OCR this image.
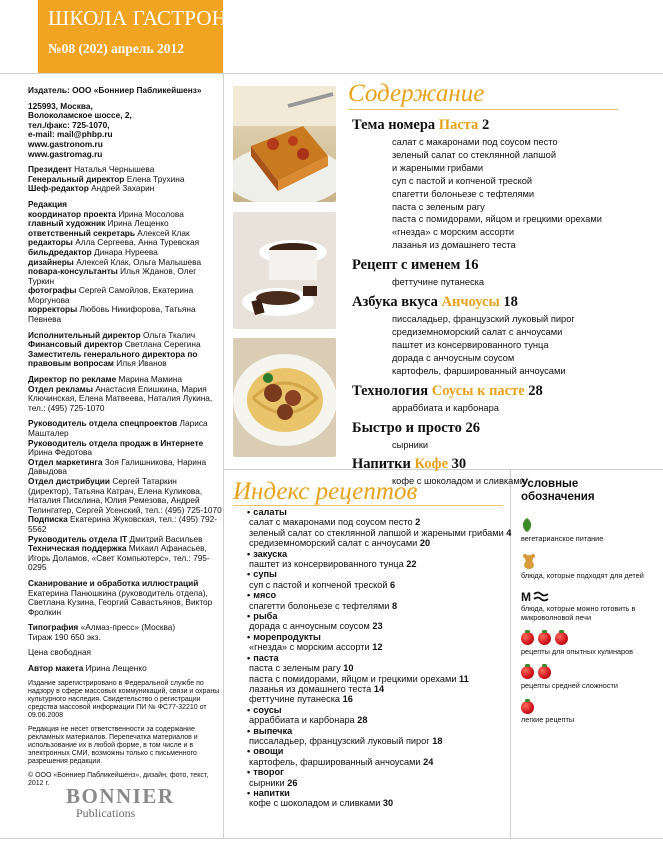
ШКОЛА ГАСТРОНОМА
№08 (202) апрель 2012
Издатель: ООО «Бонниер Пабликейшенз»
125993, Москва,
Волоколамское шоссе, 2,
тел./факс: 725-1070,
e-mail: mail@phbp.ru
www.gastronom.ru
www.gastromag.ru
Президент Наталья Чернышева
Генеральный директор Елена Трухина
Шеф-редактор Андрей Захарин
Редакция
координатор проекта Ирина Мосолова
главный художник Ирина Лещенко
ответственный секретарь Алексей Клак
редакторы Алла Сергеева, Анна Туревская
бильдредактор Динара Нуреева
дизайнеры Алексей Клак, Ольга Малышева
повара-консультанты Илья Жданов, Олег Туркин
фотографы Сергей Самойлов, Екатерина Моргунова
корректоры Любовь Никифорова, Татьяна Певнева
Исполнительный директор Ольга Ткалич
Финансовый директор Светлана Серегина
Заместитель генерального директора по правовым вопросам Илья Иванов
Директор по рекламе Марина Мамина
Отдел рекламы Анастасия Епишкина, Мария Ключинская, Елена Матвеева, Наталия Лукина, тел.: (495) 725-1070
Руководитель отдела спецпроектов Лариса Машталер
Руководитель отдела продаж в Интернете Ирина Федотова
Отдел маркетинга Зоя Галишникова, Нарина Давыдова
Отдел дистрибуции Сергей Татаркин (директор), Татьяна Катрач, Елена Куликова, Наталия Писклина, Юлия Ремезова, Андрей Телингатер, Сергей Усенский, тел.: (495) 725-1070
Подписка Екатерина Жуковская, тел.: (495) 792-5562
Руководитель отдела IT Дмитрий Васильев
Техническая поддержка Михаил Афанасьев, Игорь Доламов, «Свет Компьютерс», тел.: 795-0295
Сканирование и обработка иллюстраций
Екатерина Панюшкина (руководитель отдела), Светлана Кузина, Георгий Савастьянов, Виктор Фролкин
Типография «Алмаз-пресс» (Москва)
Тираж 190 650 экз.
Цена свободная
Автор макета Ирина Лещенко
Издание зарегистрировано в Федеральной службе по надзору в сфере массовых коммуникаций, связи и охраны культурного наследия. Свидетельство о регистрации средства массовой информации ПИ № ФС77-32210 от 09.06.2008
Редакция не несет ответственности за содержание рекламных материалов. Перепечатка материалов и использование их в любой форме, в том числе и в электронных СМИ, возможны только с письменного разрешения редакции.
© ООО «Бонниер Пабликейшенз», дизайн, фото, текст, 2012 г.
BONNIER
Publications
Содержание
Тема номера Паста 2
салат с макаронами под соусом песто
зеленый салат со стеклянной лапшой
и жареными грибами
суп с пастой и копченой треской
спагетти болоньезе с тефтелями
паста с зеленым рагу
паста с помидорами, яйцом и грецкими орехами
«гнезда» с морским ассорти
лазанья из домашнего теста
Рецепт с именем 16
феттучине путанеска
Азбука вкуса Анчоусы 18
писсаладьер, французский луковый пирог
средиземноморский салат с анчоусами
паштет из консервированного тунца
дорада с анчоусным соусом
картофель, фаршированный анчоусами
Технология Соусы к пасте 28
арраббиата и карбонара
Быстро и просто 26
сырники
Напитки Кофе 30
кофе с шоколадом и сливками
Индекс рецептов
• салаты
салат с макаронами под соусом песто 2
зеленый салат со стеклянной лапшой и жареными грибами 4
средиземноморский салат с анчоусами 20
• закуска
паштет из консервированного тунца 22
• супы
суп с пастой и копченой треской 6
• мясо
спагетти болоньезе с тефтелями 8
• рыба
дорада с анчоусным соусом 23
• морепродукты
«гнезда» с морским ассорти 12
• паста
паста с зеленым рагу 10
паста с помидорами, яйцом и грецкими орехами 11
лазанья из домашнего теста 14
феттучине путанеска 16
• соусы
арраббиата и карбонара 28
• выпечка
писсаладьер, французский луковый пирог 18
• овощи
картофель, фаршированный анчоусами 24
• творог
сырники 26
• напитки
кофе с шоколадом и сливками 30
Условные обозначения
вегетарианское питание
блюда, которые подходят для детей
M
блюда, которые можно готовить в микроволновой печи
рецепты для опытных кулинаров
рецепты средней сложности
легкие рецепты
